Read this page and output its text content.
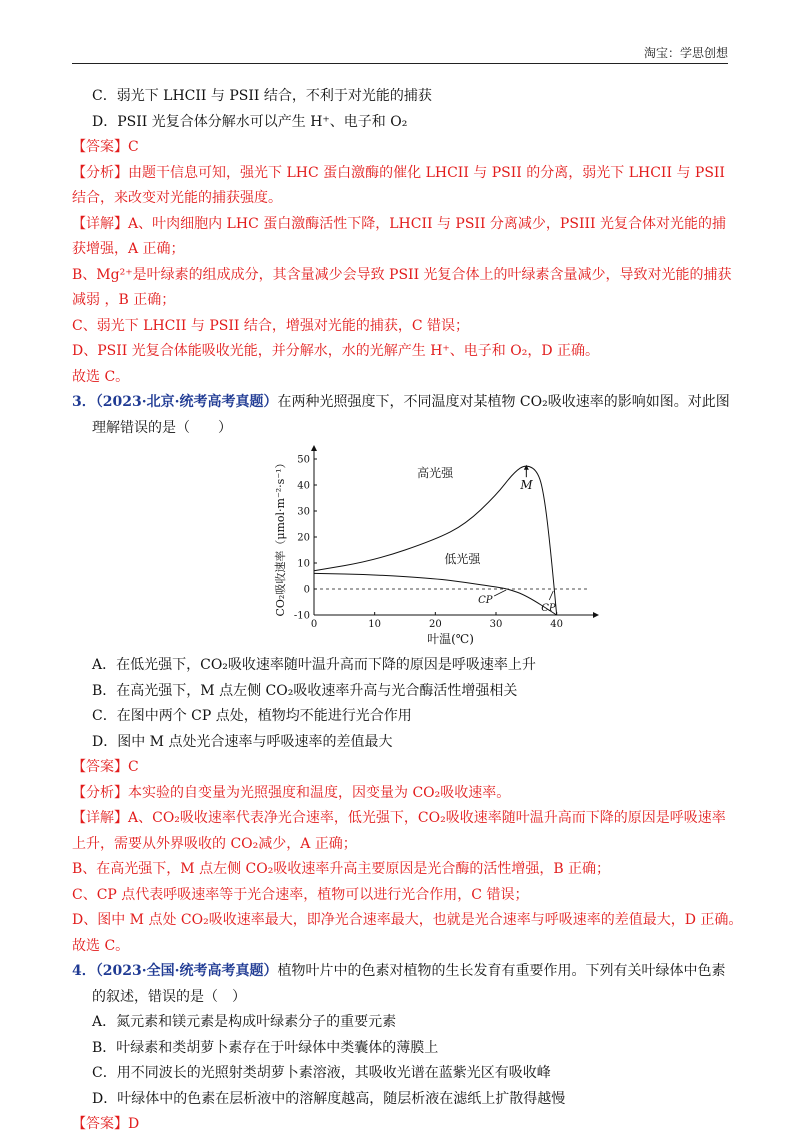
淘宝：学思创想
C．弱光下 LHCII 与 PSII 结合，不利于对光能的捕获
D．PSII 光复合体分解水可以产生 H⁺、电子和 O₂
【答案】C
【分析】由题干信息可知，强光下 LHC 蛋白激酶的催化 LHCII 与 PSII 的分离，弱光下 LHCII 与 PSII 结合，来改变对光能的捕获强度。
【详解】A、叶肉细胞内 LHC 蛋白激酶活性下降，LHCII 与 PSII 分离减少，PSIII 光复合体对光能的捕获增强，A 正确；
B、Mg²⁺是叶绿素的组成成分，其含量减少会导致 PSII 光复合体上的叶绿素含量减少，导致对光能的捕获减弱 ，B 正确；
C、弱光下 LHCII 与 PSII 结合，增强对光能的捕获，C 错误；
D、PSII 光复合体能吸收光能，并分解水，水的光解产生 H⁺、电子和 O₂，D 正确。
故选 C。
3．（2023·北京·统考高考真题）在两种光照强度下，不同温度对某植物 CO₂吸收速率的影响如图。对此图
理解错误的是（　　）
0	10	20	30	40
-10
0
10
20
30
40
50
高光强
低光强
M
CP
CP
叶温(℃)
CO₂吸收速率（μmol·m⁻²·s⁻¹）
A．在低光强下，CO₂吸收速率随叶温升高而下降的原因是呼吸速率上升
B．在高光强下，M 点左侧 CO₂吸收速率升高与光合酶活性增强相关
C．在图中两个 CP 点处，植物均不能进行光合作用
D．图中 M 点处光合速率与呼吸速率的差值最大
【答案】C
【分析】本实验的自变量为光照强度和温度，因变量为 CO₂吸收速率。
【详解】A、CO₂吸收速率代表净光合速率，低光强下，CO₂吸收速率随叶温升高而下降的原因是呼吸速率
上升，需要从外界吸收的 CO₂减少，A 正确；
B、在高光强下，M 点左侧 CO₂吸收速率升高主要原因是光合酶的活性增强，B 正确；
C、CP 点代表呼吸速率等于光合速率，植物可以进行光合作用，C 错误；
D、图中 M 点处 CO₂吸收速率最大，即净光合速率最大，也就是光合速率与呼吸速率的差值最大，D 正确。
故选 C。
4．（2023·全国·统考高考真题）植物叶片中的色素对植物的生长发育有重要作用。下列有关叶绿体中色素
的叙述，错误的是（　）
A．氮元素和镁元素是构成叶绿素分子的重要元素
B．叶绿素和类胡萝卜素存在于叶绿体中类囊体的薄膜上
C．用不同波长的光照射类胡萝卜素溶液，其吸收光谱在蓝紫光区有吸收峰
D．叶绿体中的色素在层析液中的溶解度越高，随层析液在滤纸上扩散得越慢
【答案】D
